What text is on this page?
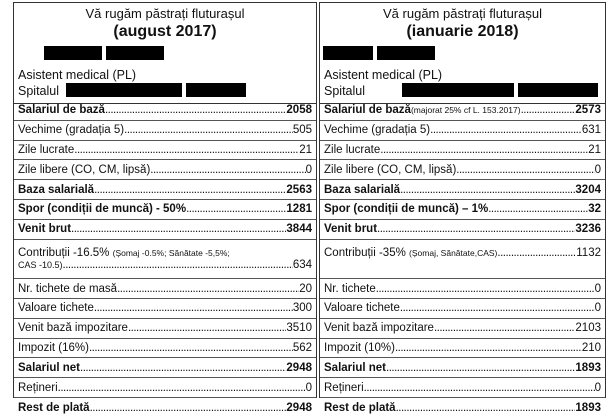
Vă rugăm păstrați fluturașul
(august 2017)
Asistent medical (PL)
Spitalul
Salariul de bază .....	2058
Vechime (gradația 5) .....	505
Zile lucrate .....	21
Zile libere (CO, CM, lipsă) .....	0
Baza salarială .....	2563
Spor (condiții de muncă) - 50% .....	1281
Venit brut .....	3844
Contribuții -16.5%
(Șomaj -0.5%; Sănătate -5,5%;
CAS -10.5) .....	634
Nr. tichete de masă .....	20
Valoare tichete .....	300
Venit bază impozitare .....	3510
Impozit (16%) .....	562
Salariul net .....	2948
Rețineri .....	0
Rest de plată .....	2948
Vă rugăm păstrați fluturașul
(ianuarie 2018)
Asistent medical (PL)
Spitalul
Salariul de bază (majorat 25% cf L. 153.2017) .....	2573
Vechime (gradația 5) .....	631
Zile lucrate .....	21
Zile libere (CO, CM, lipsă) .....	0
Baza salarială .....	3204
Spor (condiții de muncă) – 1% .....	32
Venit brut .....	3236
Contribuții -35%
(Șomaj, Sănătate,CAS) .....	1132

Nr. tichete .....	0
Valoare tichete .....	0
Venit bază impozitare .....	2103
Impozit (10%) .....	210
Salariul net .....	1893
Rețineri .....	0
Rest de plată .....	1893
